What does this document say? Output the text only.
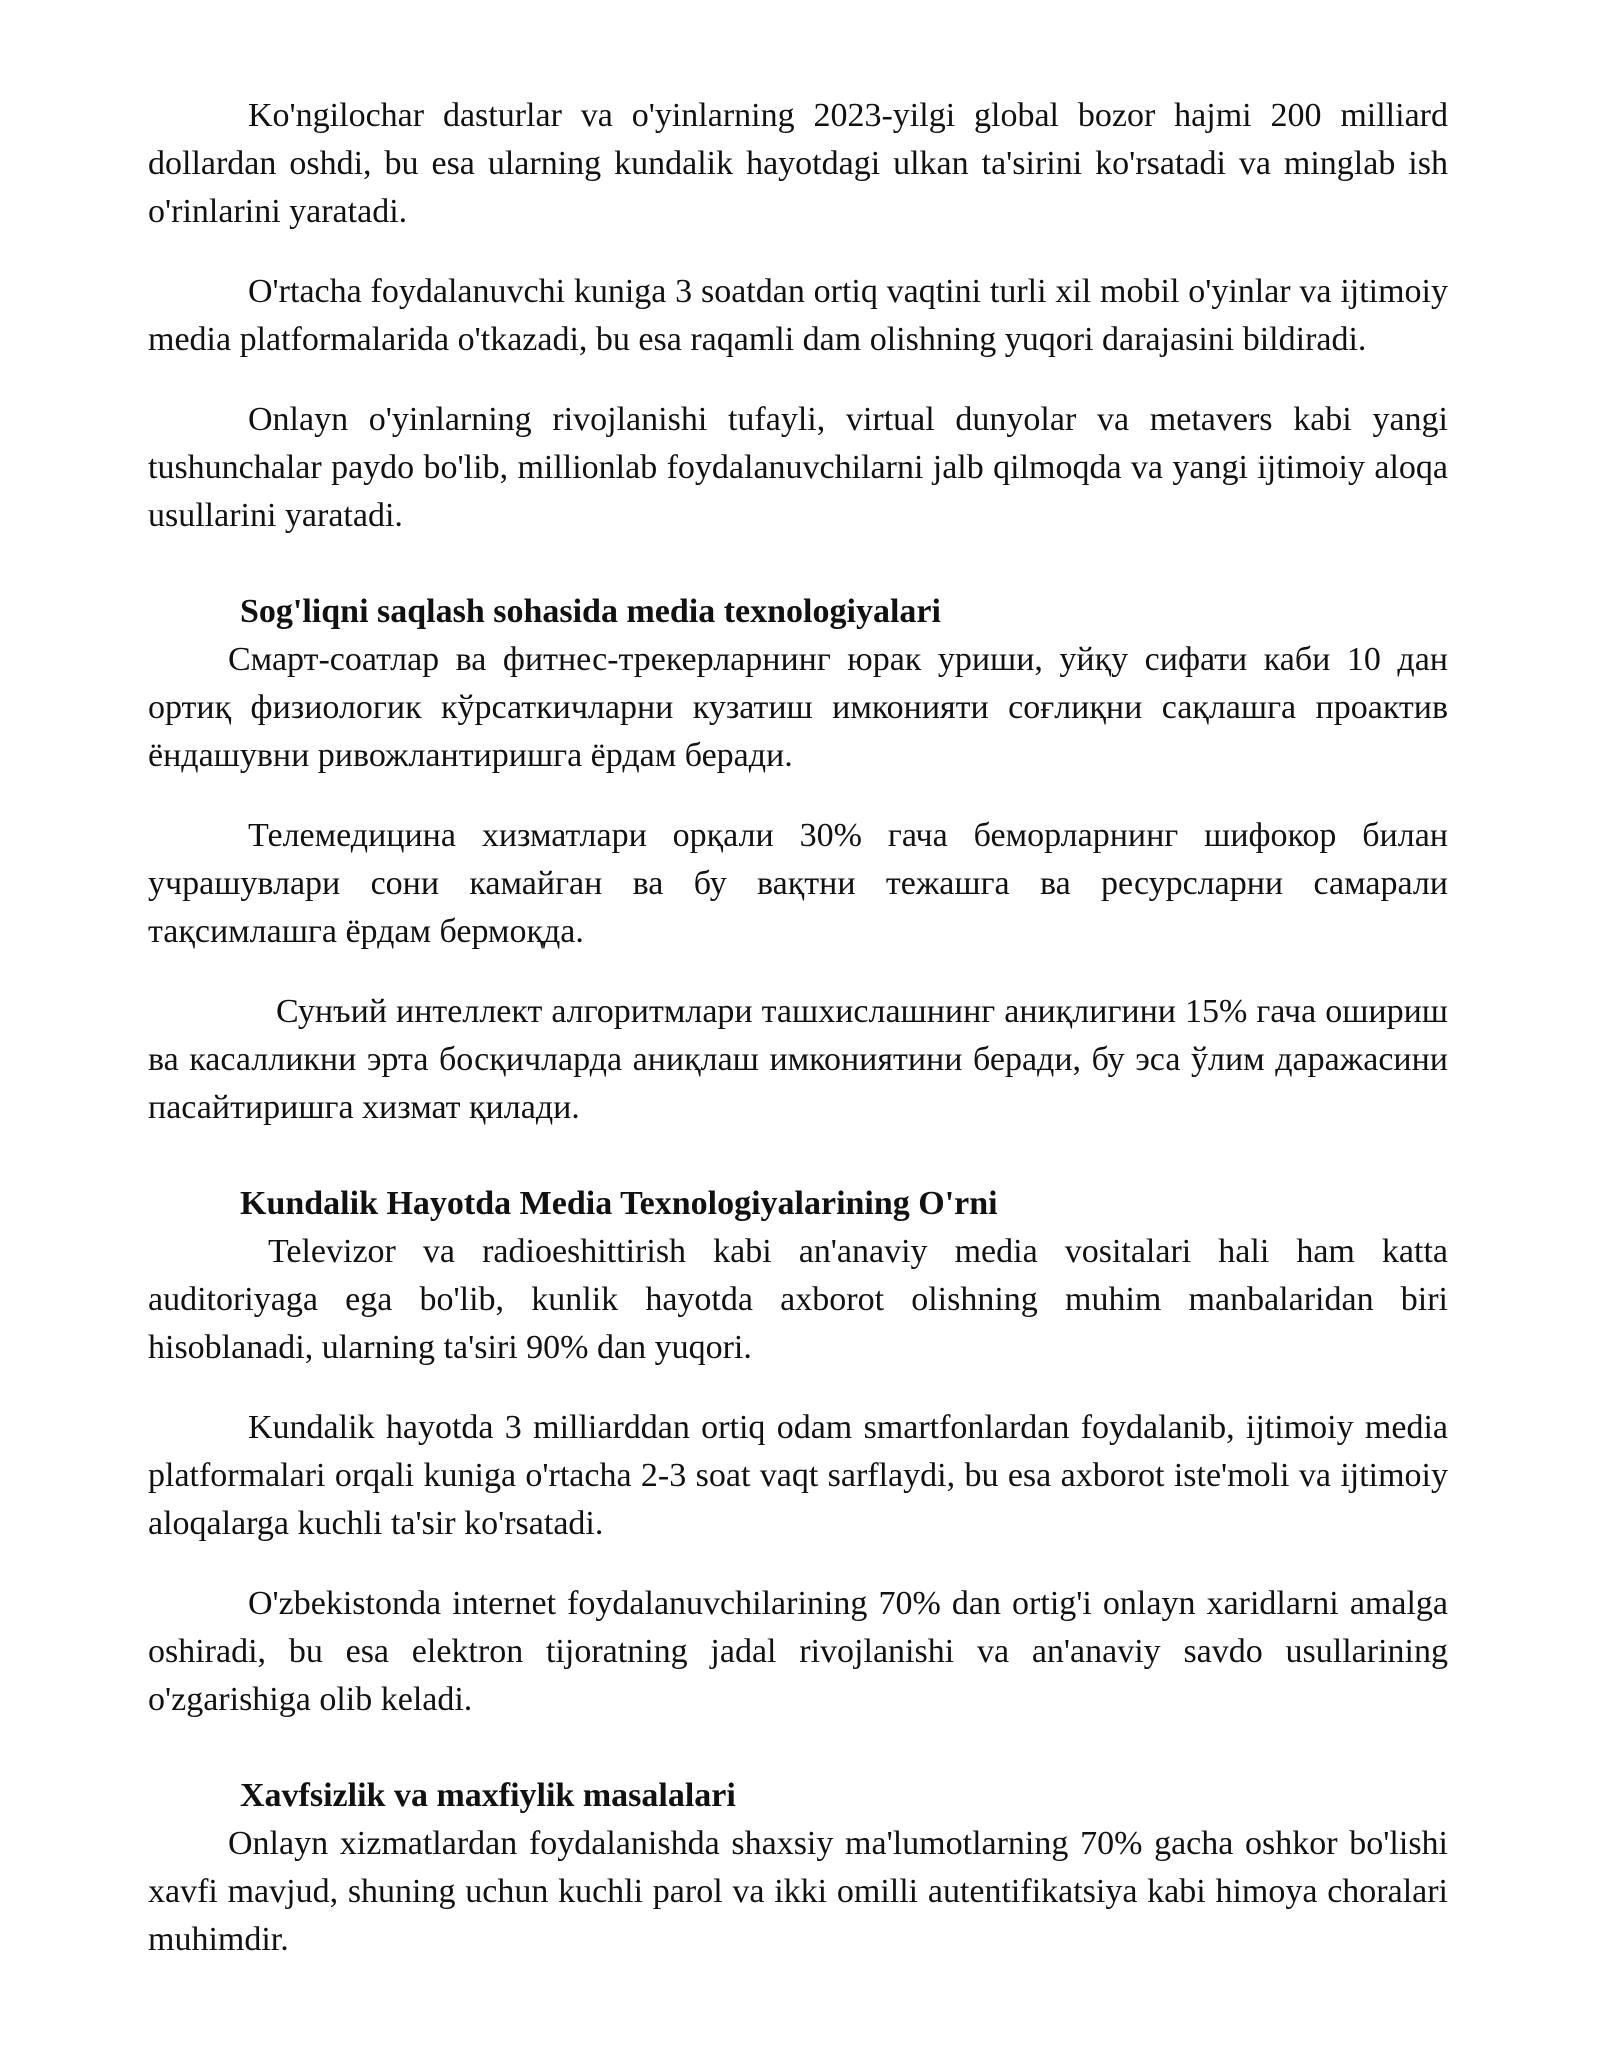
Ko'ngilochar dasturlar va o'yinlarning 2023-yilgi global bozor hajmi 200 milliard dollardan oshdi, bu esa ularning kundalik hayotdagi ulkan ta'sirini ko'rsatadi va minglab ish o'rinlarini yaratadi.

O'rtacha foydalanuvchi kuniga 3 soatdan ortiq vaqtini turli xil mobil o'yinlar va ijtimoiy media platformalarida o'tkazadi, bu esa raqamli dam olishning yuqori darajasini bildiradi.

Onlayn o'yinlarning rivojlanishi tufayli, virtual dunyolar va metavers kabi yangi tushunchalar paydo bo'lib, millionlab foydalanuvchilarni jalb qilmoqda va yangi ijtimoiy aloqa usullarini yaratadi.

Sog'liqni saqlash sohasida media texnologiyalari

Смарт-соатлар ва фитнес-трекерларнинг юрак уриши, уйқу сифати каби 10 дан ортиқ физиологик кўрсаткичларни кузатиш имконияти соғлиқни сақлашга проактив ёндашувни ривожлантиришга ёрдам беради.

Телемедицина хизматлари орқали 30% гача беморларнинг шифокор билан учрашувлари сони камайган ва бу вақтни тежашга ва ресурсларни самарали тақсимлашга ёрдам бермоқда.

Сунъий интеллект алгоритмлари ташхислашнинг аниқлигини 15% гача ошириш ва касалликни эрта босқичларда аниқлаш имкониятини беради, бу эса ўлим даражасини пасайтиришга хизмат қилади.

Kundalik Hayotda Media Texnologiyalarining O'rni

Televizor va radioeshittirish kabi an'anaviy media vositalari hali ham katta auditoriyaga ega bo'lib, kunlik hayotda axborot olishning muhim manbalaridan biri hisoblanadi, ularning ta'siri 90% dan yuqori.

Kundalik hayotda 3 milliarddan ortiq odam smartfonlardan foydalanib, ijtimoiy media platformalari orqali kuniga o'rtacha 2-3 soat vaqt sarflaydi, bu esa axborot iste'moli va ijtimoiy aloqalarga kuchli ta'sir ko'rsatadi.

O'zbekistonda internet foydalanuvchilarining 70% dan ortig'i onlayn xaridlarni amalga oshiradi, bu esa elektron tijoratning jadal rivojlanishi va an'anaviy savdo usullarining o'zgarishiga olib keladi.

Xavfsizlik va maxfiylik masalalari

Onlayn xizmatlardan foydalanishda shaxsiy ma'lumotlarning 70% gacha oshkor bo'lishi xavfi mavjud, shuning uchun kuchli parol va ikki omilli autentifikatsiya kabi himoya choralari muhimdir.
